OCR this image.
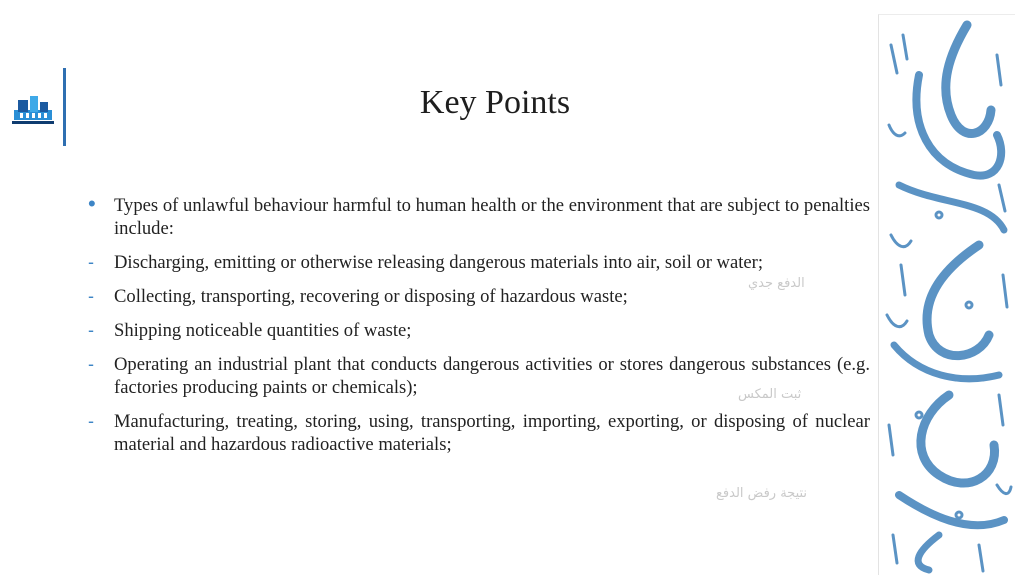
Key Points
• Types of unlawful behaviour harmful to human health or the environment that are subject to penalties include:
-	Discharging, emitting or otherwise releasing dangerous materials into air, soil or water;
-	Collecting, transporting, recovering or disposing of hazardous waste;
-	Shipping noticeable quantities of waste;
-	Operating an industrial plant that conducts dangerous activities or stores dangerous substances (e.g. factories producing paints or chemicals);
-	Manufacturing, treating, storing, using, transporting, importing, exporting, or disposing of nuclear material and hazardous radioactive materials;
الدفع جدي
ثبت المكس
نتيجة رفض الدفع
